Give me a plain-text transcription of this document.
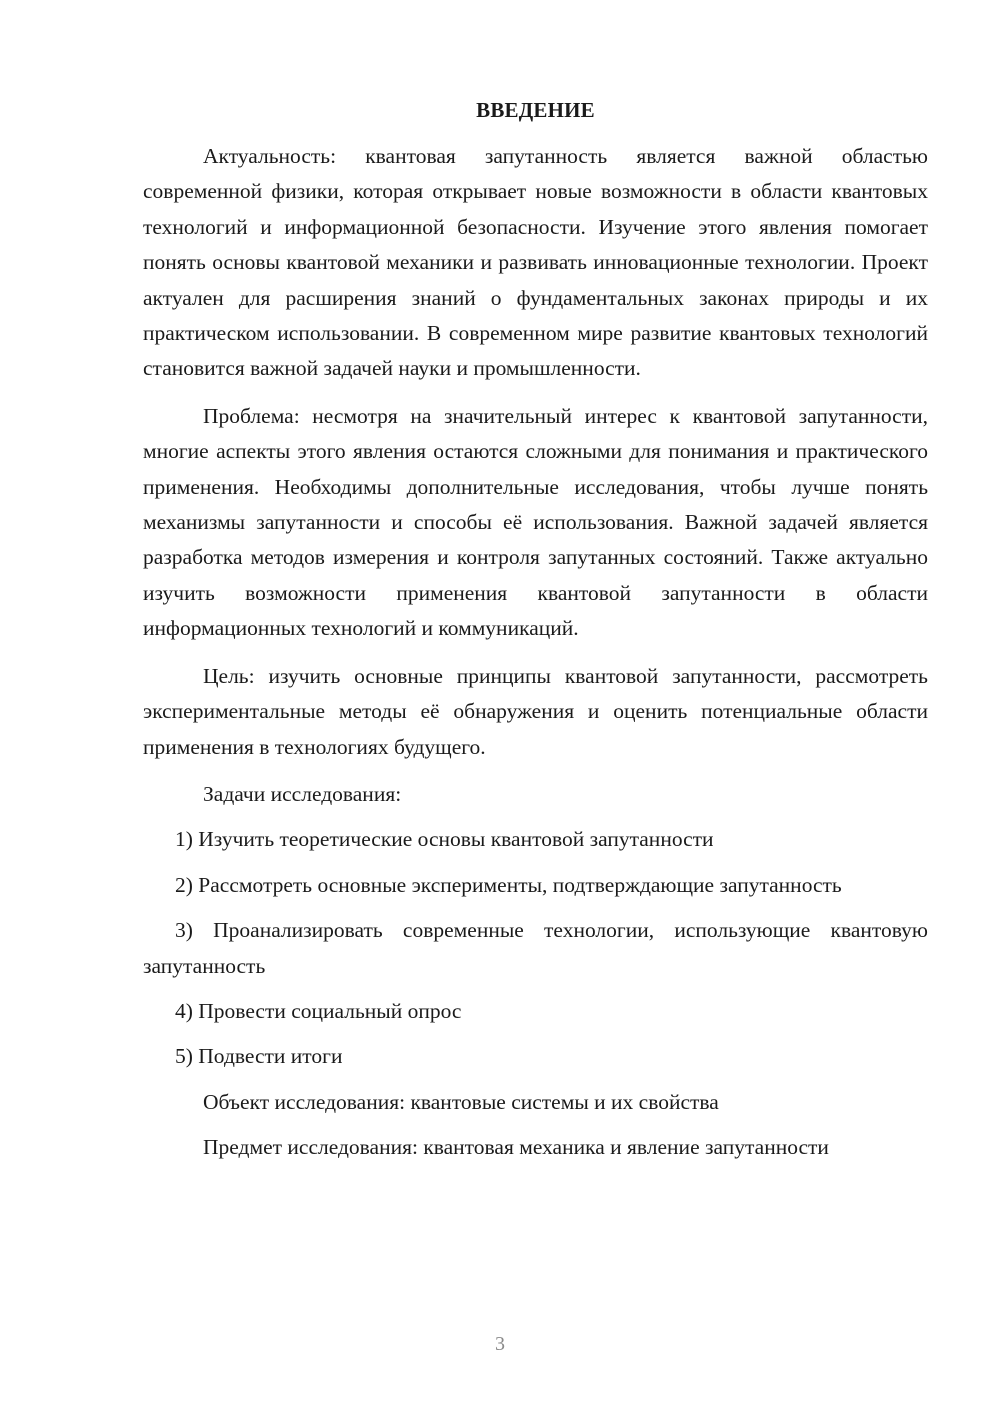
ВВЕДЕНИЕ

Актуальность: квантовая запутанность является важной областью современной физики, которая открывает новые возможности в области квантовых технологий и информационной безопасности. Изучение этого явления помогает понять основы квантовой механики и развивать инновационные технологии. Проект актуален для расширения знаний о фундаментальных законах природы и их практическом использовании. В современном мире развитие квантовых технологий становится важной задачей науки и промышленности.

Проблема: несмотря на значительный интерес к квантовой запутанности, многие аспекты этого явления остаются сложными для понимания и практического применения. Необходимы дополнительные исследования, чтобы лучше понять механизмы запутанности и способы её использования. Важной задачей является разработка методов измерения и контроля запутанных состояний. Также актуально изучить возможности применения квантовой запутанности в области информационных технологий и коммуникаций.

Цель: изучить основные принципы квантовой запутанности, рассмотреть экспериментальные методы её обнаружения и оценить потенциальные области применения в технологиях будущего.

Задачи исследования:

1) Изучить теоретические основы квантовой запутанности

2) Рассмотреть основные эксперименты, подтверждающие запутанность

3) Проанализировать современные технологии, использующие квантовую запутанность

4) Провести социальный опрос

5) Подвести итоги

Объект исследования: квантовые системы и их свойства

Предмет исследования: квантовая механика и явление запутанности

3
